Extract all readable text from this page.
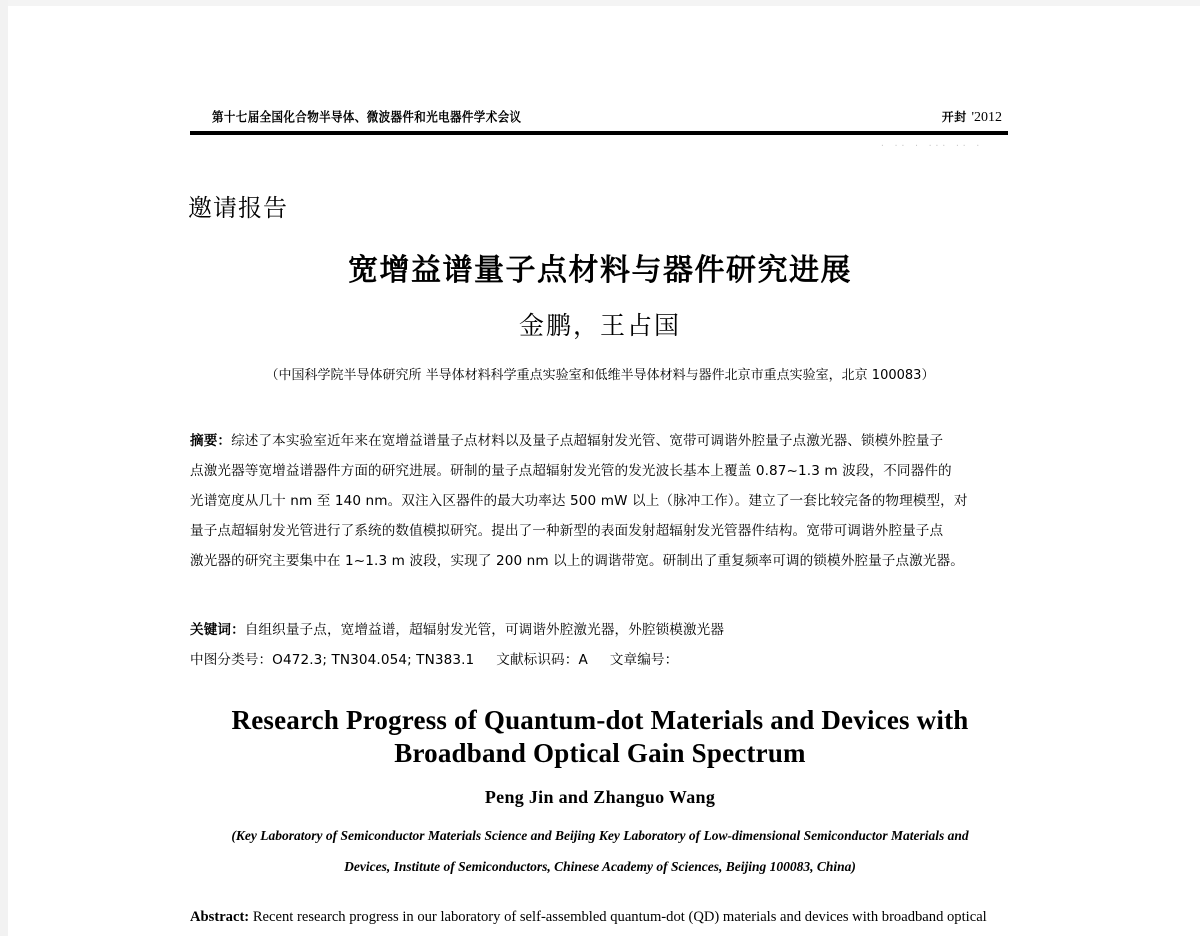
第十七届全国化合物半导体、微波器件和光电器件学术会议	开封 '2012
· ·· · ··· ·· ·
邀请报告
宽增益谱量子点材料与器件研究进展
金鹏，王占国
（中国科学院半导体研究所 半导体材料科学重点实验室和低维半导体材料与器件北京市重点实验室，北京 100083）
摘要：综述了本实验室近年来在宽增益谱量子点材料以及量子点超辐射发光管、宽带可调谐外腔量子点激光器、锁模外腔量子
点激光器等宽增益谱器件方面的研究进展。研制的量子点超辐射发光管的发光波长基本上覆盖 0.87~1.3 m 波段，不同器件的
光谱宽度从几十 nm 至 140 nm。双注入区器件的最大功率达 500 mW 以上（脉冲工作）。建立了一套比较完备的物理模型，对
量子点超辐射发光管进行了系统的数值模拟研究。提出了一种新型的表面发射超辐射发光管器件结构。宽带可调谐外腔量子点
激光器的研究主要集中在 1~1.3 m 波段，实现了 200 nm 以上的调谐带宽。研制出了重复频率可调的锁模外腔量子点激光器。
关键词：自组织量子点，宽增益谱，超辐射发光管，可调谐外腔激光器，外腔锁模激光器
中图分类号：O472.3; TN304.054; TN383.1 文献标识码：A 文章编号：
Research Progress of Quantum-dot Materials and Devices with
Broadband Optical Gain Spectrum
Peng Jin and Zhanguo Wang
(Key Laboratory of Semiconductor Materials Science and Beijing Key Laboratory of Low-dimensional Semiconductor Materials and
Devices, Institute of Semiconductors, Chinese Academy of Sciences, Beijing 100083, China)
Abstract: Recent research progress in our laboratory of self-assembled quantum-dot (QD) materials and devices with broadband optical
